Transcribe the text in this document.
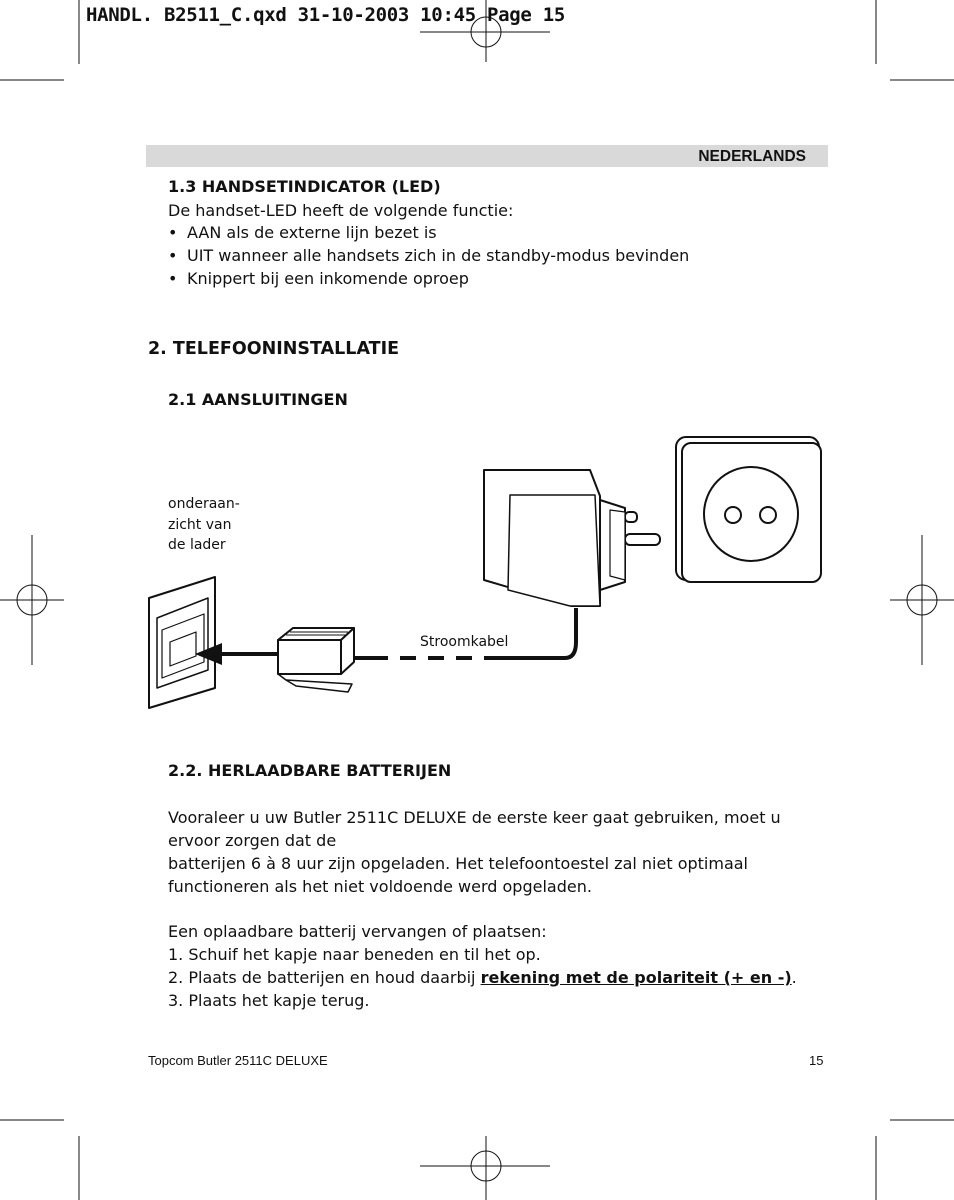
HANDL. B2511_C.qxd 31-10-2003 10:45 Page 15
NEDERLANDS
1.3 HANDSETINDICATOR (LED)
De handset-LED heeft de volgende functie:
• AAN als de externe lijn bezet is
• UIT wanneer alle handsets zich in de standby-modus bevinden
• Knippert bij een inkomende oproep
2. TELEFOONINSTALLATIE
2.1 AANSLUITINGEN
onderaan-
zicht van
de lader
Stroomkabel
2.2. HERLAADBARE BATTERIJEN
Vooraleer u uw Butler 2511C DELUXE de eerste keer gaat gebruiken, moet u
ervoor zorgen dat de
batterijen 6 à 8 uur zijn opgeladen. Het telefoontoestel zal niet optimaal
functioneren als het niet voldoende werd opgeladen.
Een oplaadbare batterij vervangen of plaatsen:
1. Schuif het kapje naar beneden en til het op.
2. Plaats de batterijen en houd daarbij rekening met de polariteit (+ en -).
3. Plaats het kapje terug.
Topcom Butler 2511C DELUXE	15
